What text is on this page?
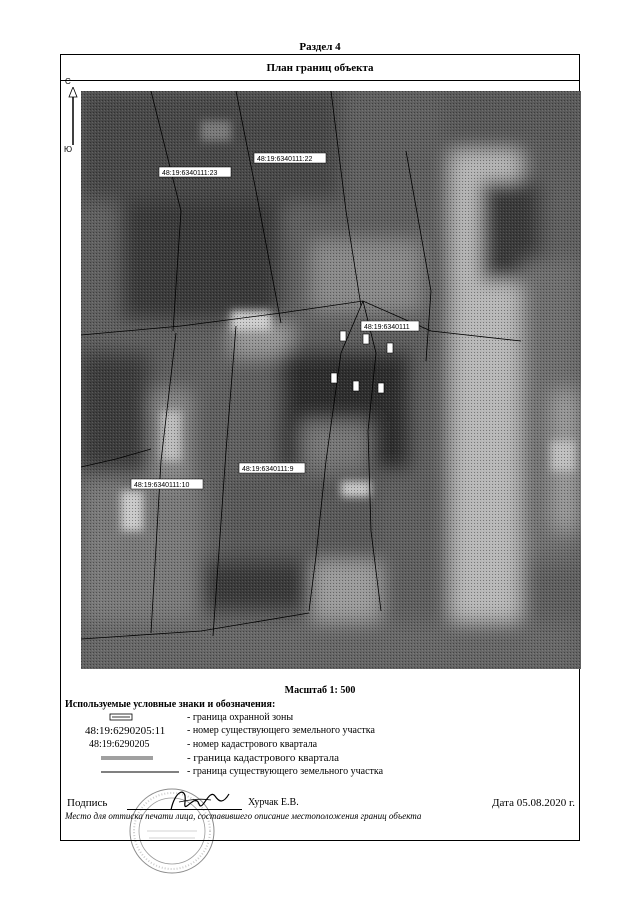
Раздел 4
План границ объекта
48:19:6340111:23
48:19:6340111:22
48:19:6340111
48:19:6340111:9
48:19:6340111:10
С
Ю
Масштаб 1: 500
Используемые условные знаки и обозначения:
- граница охранной зоны
48:19:6290205:11 - номер существующего земельного участка
48:19:6290205	- номер кадастрового квартала
- граница кадастрового квартала
- граница существующего земельного участка
Подпись	Хурчак Е.В.	Дата 05.08.2020 г.
Место для оттиска печати лица, составившего описание местоположения границ объекта
